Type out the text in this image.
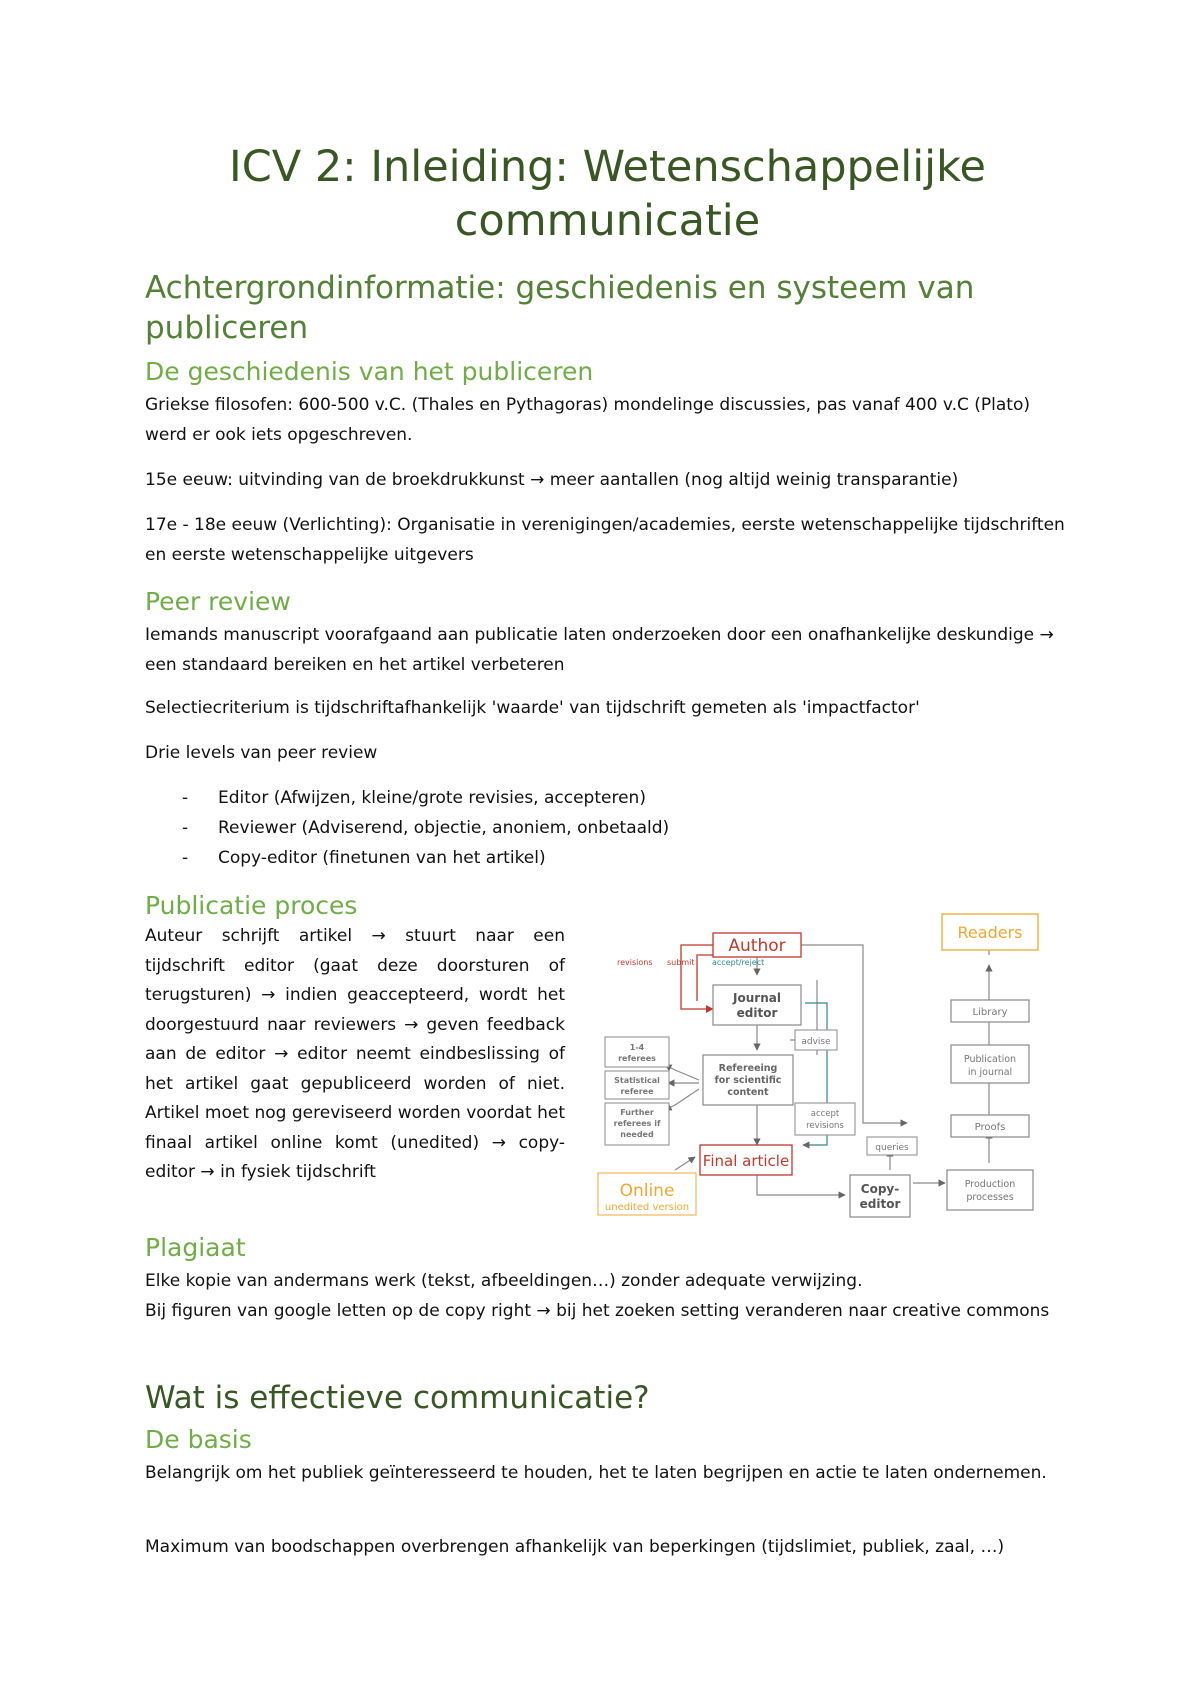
ICV 2: Inleiding: Wetenschappelijke communicatie
Achtergrondinformatie: geschiedenis en systeem van publiceren
De geschiedenis van het publiceren

Griekse filosofen: 600-500 v.C. (Thales en Pythagoras) mondelinge discussies, pas vanaf 400 v.C (Plato) werd er ook iets opgeschreven.

15e eeuw: uitvinding van de broekdrukkunst → meer aantallen (nog altijd weinig transparantie)

17e - 18e eeuw (Verlichting): Organisatie in verenigingen/academies, eerste wetenschappelijke tijdschriften en eerste wetenschappelijke uitgevers

Peer review

Iemands manuscript voorafgaand aan publicatie laten onderzoeken door een onafhankelijke deskundige → een standaard bereiken en het artikel verbeteren

Selectiecriterium is tijdschriftafhankelijk 'waarde' van tijdschrift gemeten als 'impactfactor'

Drie levels van peer review

- Editor (Afwijzen, kleine/grote revisies, accepteren)
- Reviewer (Adviserend, objectie, anoniem, onbetaald)
- Copy-editor (finetunen van het artikel)
Publicatie proces

Auteur schrijft artikel → stuurt naar een tijdschrift editor (gaat deze doorsturen of terugsturen) → indien geaccepteerd, wordt het doorgestuurd naar reviewers → geven feedback aan de editor → editor neemt eindbeslissing of het artikel gaat gepubliceerd worden of niet. Artikel moet nog gereviseerd worden voordat het finaal artikel online komt (unedited) → copy-editor → in fysiek tijdschrift

Plagiaat

Elke kopie van andermans werk (tekst, afbeeldingen…) zonder adequate verwijzing.

Bij figuren van google letten op de copy right → bij het zoeken setting veranderen naar creative commons

Wat is effectieve communicatie?
De basis

Belangrijk om het publiek geïnteresseerd te houden, het te laten begrijpen en actie te laten ondernemen.

Maximum van boodschappen overbrengen afhankelijk van beperkingen (tijdslimiet, publiek, zaal, …)

Author
Readers
revisions submit accept/reject
Journal
editor	Library
advise
1-4
referees
Statistical
referee
Further
referees if
needed
Refereeing
for scientific
content
Publication
in journal
accept
revisions	Proofs
queries
Final article
Online
unedited version
Copy-
editor
Production
processes
